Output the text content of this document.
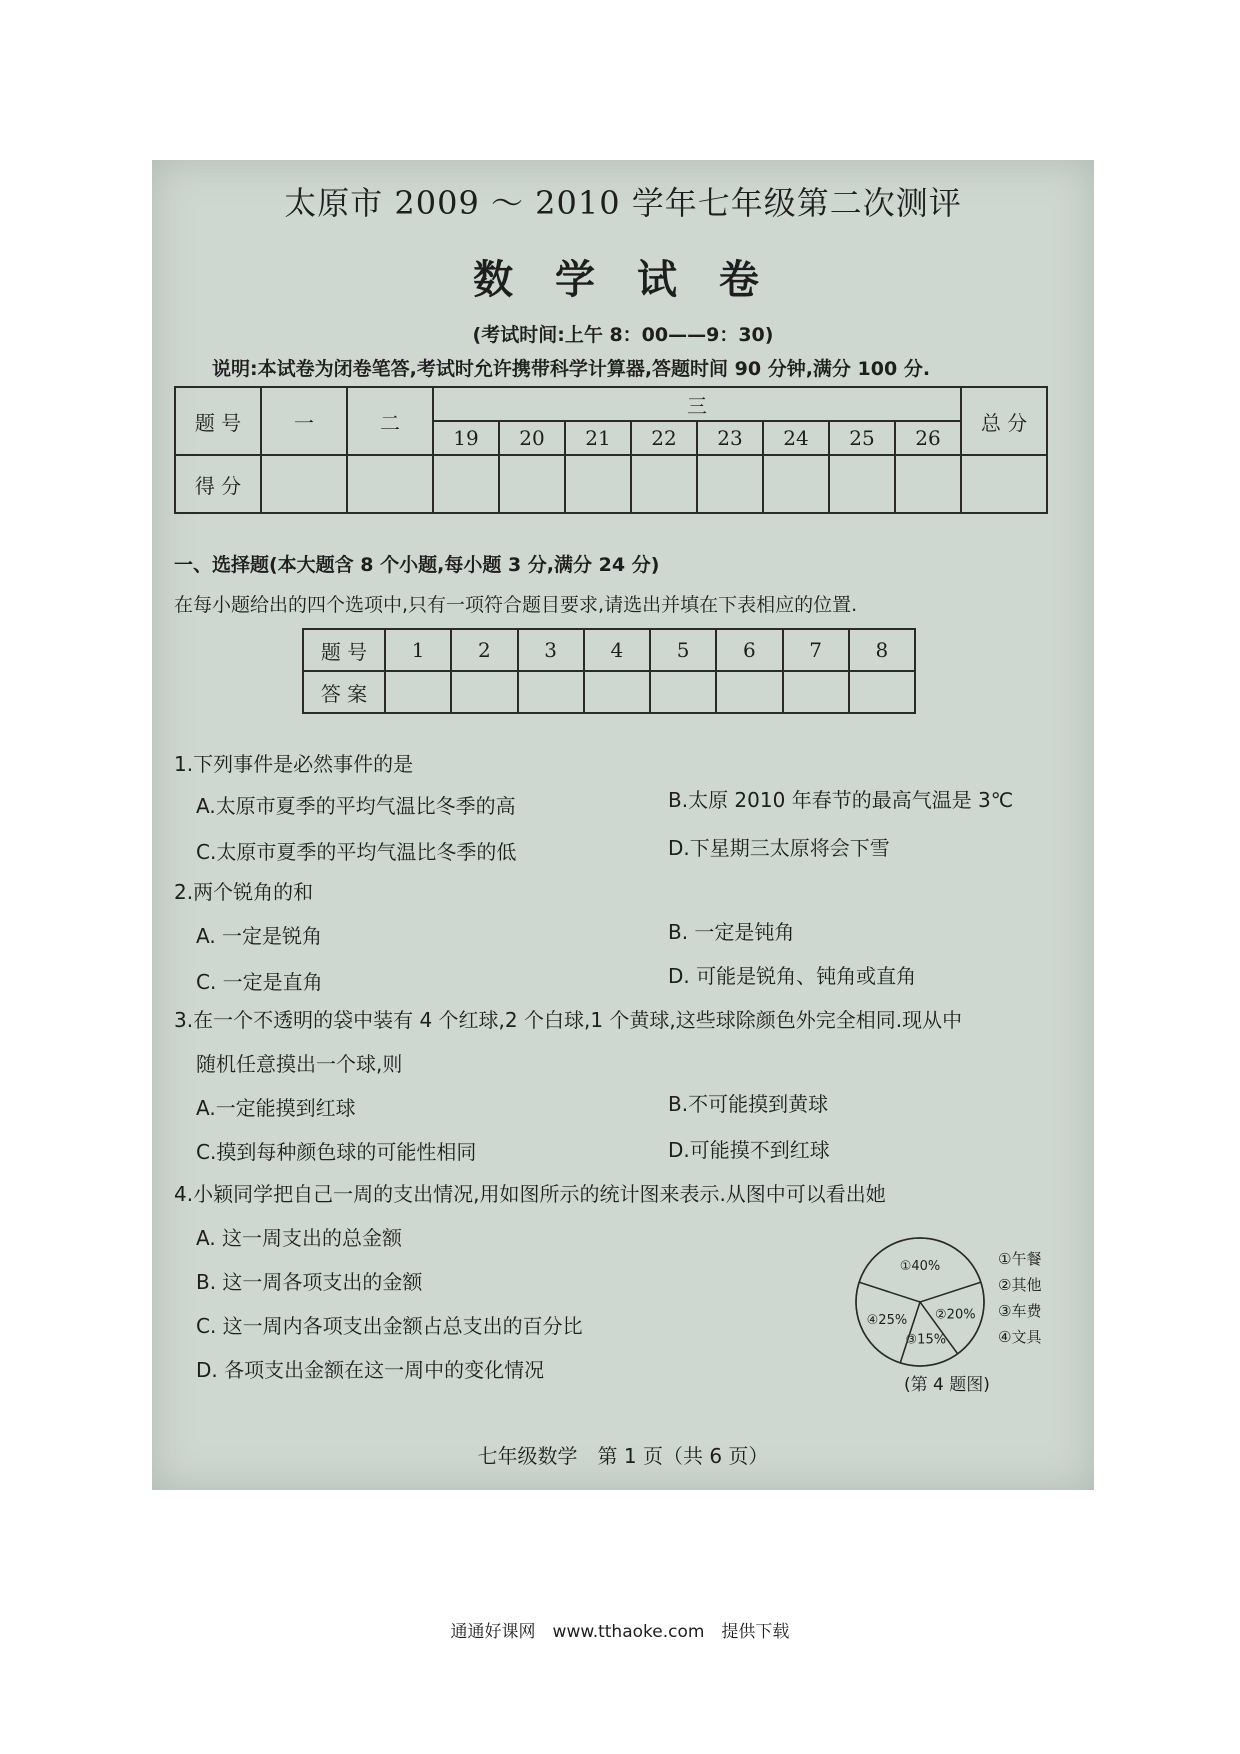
太原市 2009 ～ 2010 学年七年级第二次测评
数 学 试 卷
(考试时间:上午 8：00——9：30)
说明:本试卷为闭卷笔答,考试时允许携带科学计算器,答题时间 90 分钟,满分 100 分.
题 号	一	二	三								总 分
			19	20	21	22	23	24	25	26	
得 分											
一、选择题(本大题含 8 个小题,每小题 3 分,满分 24 分)
在每小题给出的四个选项中,只有一项符合题目要求,请选出并填在下表相应的位置.
题 号	1	2	3	4	5	6	7	8
答 案								
1.下列事件是必然事件的是
A.太原市夏季的平均气温比冬季的高	B.太原 2010 年春节的最高气温是 3℃
C.太原市夏季的平均气温比冬季的低	D.下星期三太原将会下雪
2.两个锐角的和
A. 一定是锐角	B. 一定是钝角
C. 一定是直角	D. 可能是锐角、钝角或直角
3.在一个不透明的袋中装有 4 个红球,2 个白球,1 个黄球,这些球除颜色外完全相同.现从中
随机任意摸出一个球,则
A.一定能摸到红球	B.不可能摸到黄球
C.摸到每种颜色球的可能性相同	D.可能摸不到红球
4.小颖同学把自己一周的支出情况,用如图所示的统计图来表示.从图中可以看出她
A. 这一周支出的总金额
B. 这一周各项支出的金额
C. 这一周内各项支出金额占总支出的百分比
D. 各项支出金额在这一周中的变化情况
①40%
②20%
③15%
④25%
①午餐
②其他
③车费
④文具
(第 4 题图)
七年级数学　第 1 页（共 6 页）
通通好课网　www.tthaoke.com　提供下载
